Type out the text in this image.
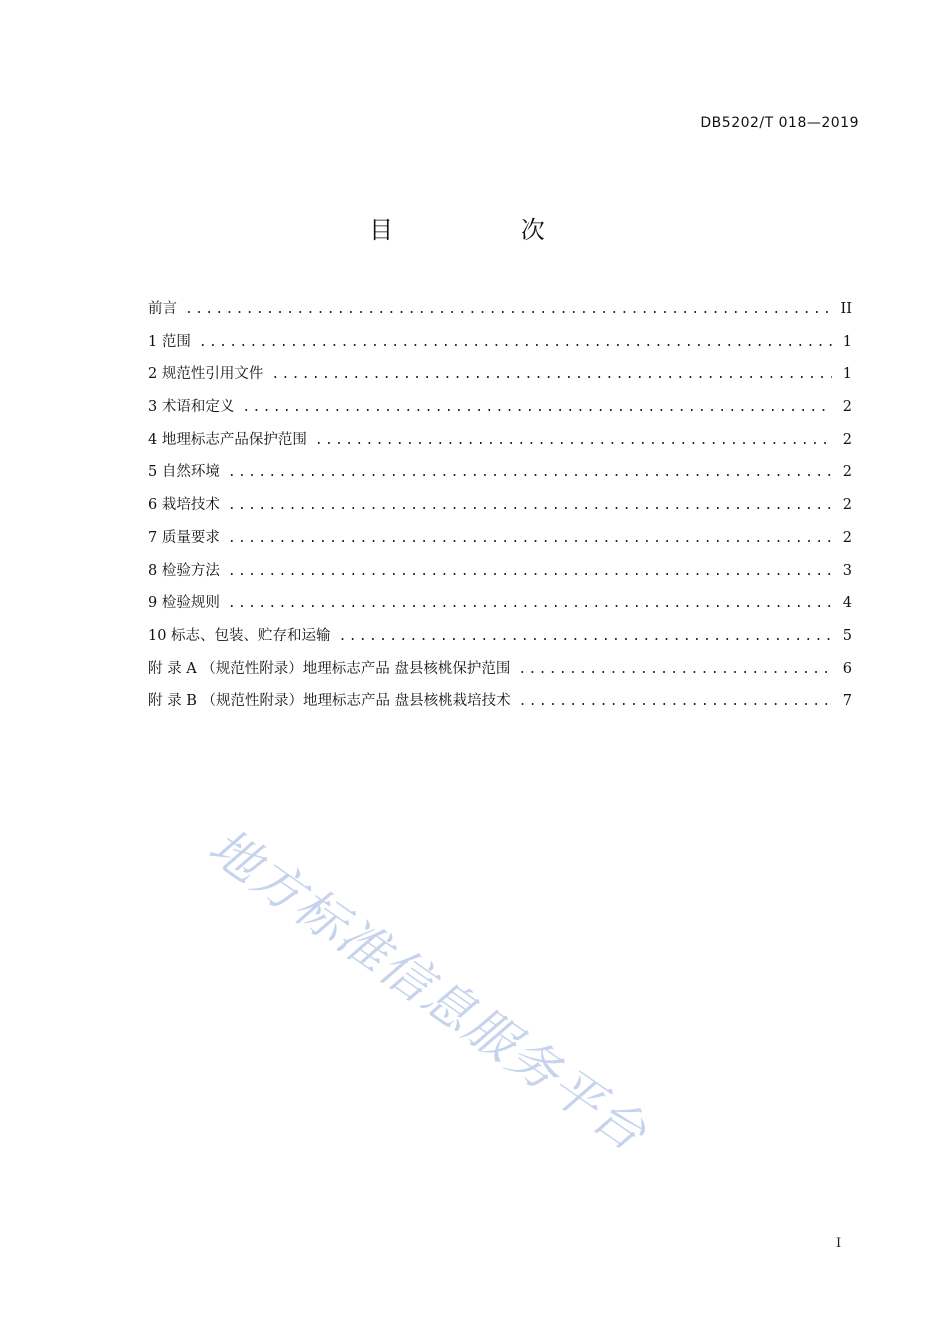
DB5202/T 018—2019
目 次
前言 .....	II
1 范围 .....	1
2 规范性引用文件 .....	1
3 术语和定义 .....	2
4 地理标志产品保护范围 .....	2
5 自然环境 .....	2
6 栽培技术 .....	2
7 质量要求 .....	2
8 检验方法 .....	3
9 检验规则 .....	4
10 标志、包装、贮存和运输 .....	5
附 录 A （规范性附录）地理标志产品 盘县核桃保护范围 .....	6
附 录 B （规范性附录）地理标志产品 盘县核桃栽培技术 .....	7
地方标准信息服务平台
I
